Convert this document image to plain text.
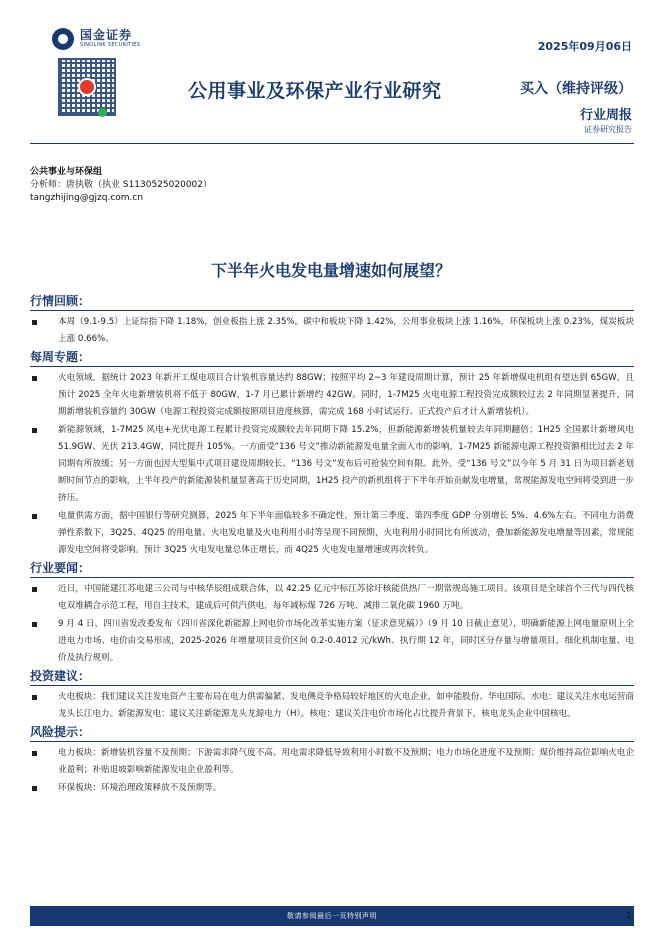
国金证券
SINOLINK SECURITIES	2025年09月06日
公用事业及环保产业行业研究	买入（维持评级）
行业周报
证券研究报告
公共事业与环保组
分析师：唐执敬（执业 S1130525020002）
tangzhijing@gjzq.com.cn
下半年火电发电量增速如何展望？
行情回顾：
本周（9.1-9.5）上证综指下降 1.18%，创业板指上涨 2.35%。碳中和板块下降 1.42%，公用事业板块上涨 1.16%，环保板块上涨 0.23%，煤炭板块上涨 0.66%。
每周专题：
火电领域，据统计 2023 年新开工煤电项目合计装机容量达约 88GW；按照平均 2~3 年建设周期计算，预计 25 年新增煤电机组有望达到 65GW，且预计 2025 全年火电新增装机将不低于 80GW，1-7 月已累计新增约 42GW。同时，1-7M25 火电电源工程投资完成额较过去 2 年同期显著提升，同期新增装机容量约 30GW（电源工程投资完成额按照项目进度核算，需完成 168 小时试运行、正式投产后才计入新增装机）。
新能源领域，1-7M25 风电+光伏电源工程累计投资完成额较去年同期下降 15.2%，但新能源新增装机量较去年同期翻倍；1H25 全国累计新增风电 51.9GW、光伏 213.4GW，同比提升 105%。一方面受“136 号文”推动新能源发电量全面入市的影响，1-7M25 新能源电源工程投资额相比过去 2 年同期有所放缓；另一方面也因大型集中式项目建设周期较长、“136 号文”发布后可抢装空间有限。此外，受“136 号文”以今年 5 月 31 日为项目新老划断时间节点的影响，上半年投产的新能源装机量显著高于历史同期，1H25 投产的新机组将于下半年开始贡献发电增量，常规能源发电空间将受到进一步挤压。
电量供需方面，据中国银行等研究测算，2025 年下半年面临较多不确定性，预计第三季度、第四季度 GDP 分别增长 5%、4.6%左右。不同电力消费弹性系数下，3Q25、4Q25 的用电量、火电发电量及火电利用小时等呈现不同预期，火电利用小时同比有所波动，叠加新能源发电增量等因素，常规能源发电空间将受影响。预计 3Q25 火电发电量总体正增长，而 4Q25 火电发电量增速或再次转负。
行业要闻：
近日，中国能建江苏电建三公司与中核华辰组成联合体，以 42.25 亿元中标江苏徐圩核能供热厂一期常规岛施工项目。该项目是全球首个三代与四代核电双堆耦合示范工程，用自主技术，建成后可供汽供电，每年减标煤 726 万吨、减排二氧化碳 1960 万吨。
9 月 4 日，四川省发改委发布《四川省深化新能源上网电价市场化改革实施方案（征求意见稿）》（9 月 10 日截止意见），明确新能源上网电量原则上全进电力市场、电价由交易形成，2025-2026 年增量项目竞价区间 0.2-0.4012 元/kWh、执行期 12 年，同时区分存量与增量项目，细化机制电量、电价及执行规则。
投资建议：
火电板块：我们建议关注发电资产主要布局在电力供需偏紧、发电侧竞争格局较好地区的火电企业，如申能股份、华电国际。水电：建议关注水电运营商龙头长江电力。新能源发电：建议关注新能源龙头龙源电力（H）。核电：建议关注电价市场化占比提升背景下，核电龙头企业中国核电。
风险提示：
电力板块：新增装机容量不及预期；下游需求降气度不高、用电需求降低导致利用小时数不及预期；电力市场化进度不及预期；煤价维持高位影响火电企业盈利；补贴退坡影响新能源发电企业盈利等。
环保板块：环境治理政策释放不及预期等。
敬请参阅最后一页特别声明	1
